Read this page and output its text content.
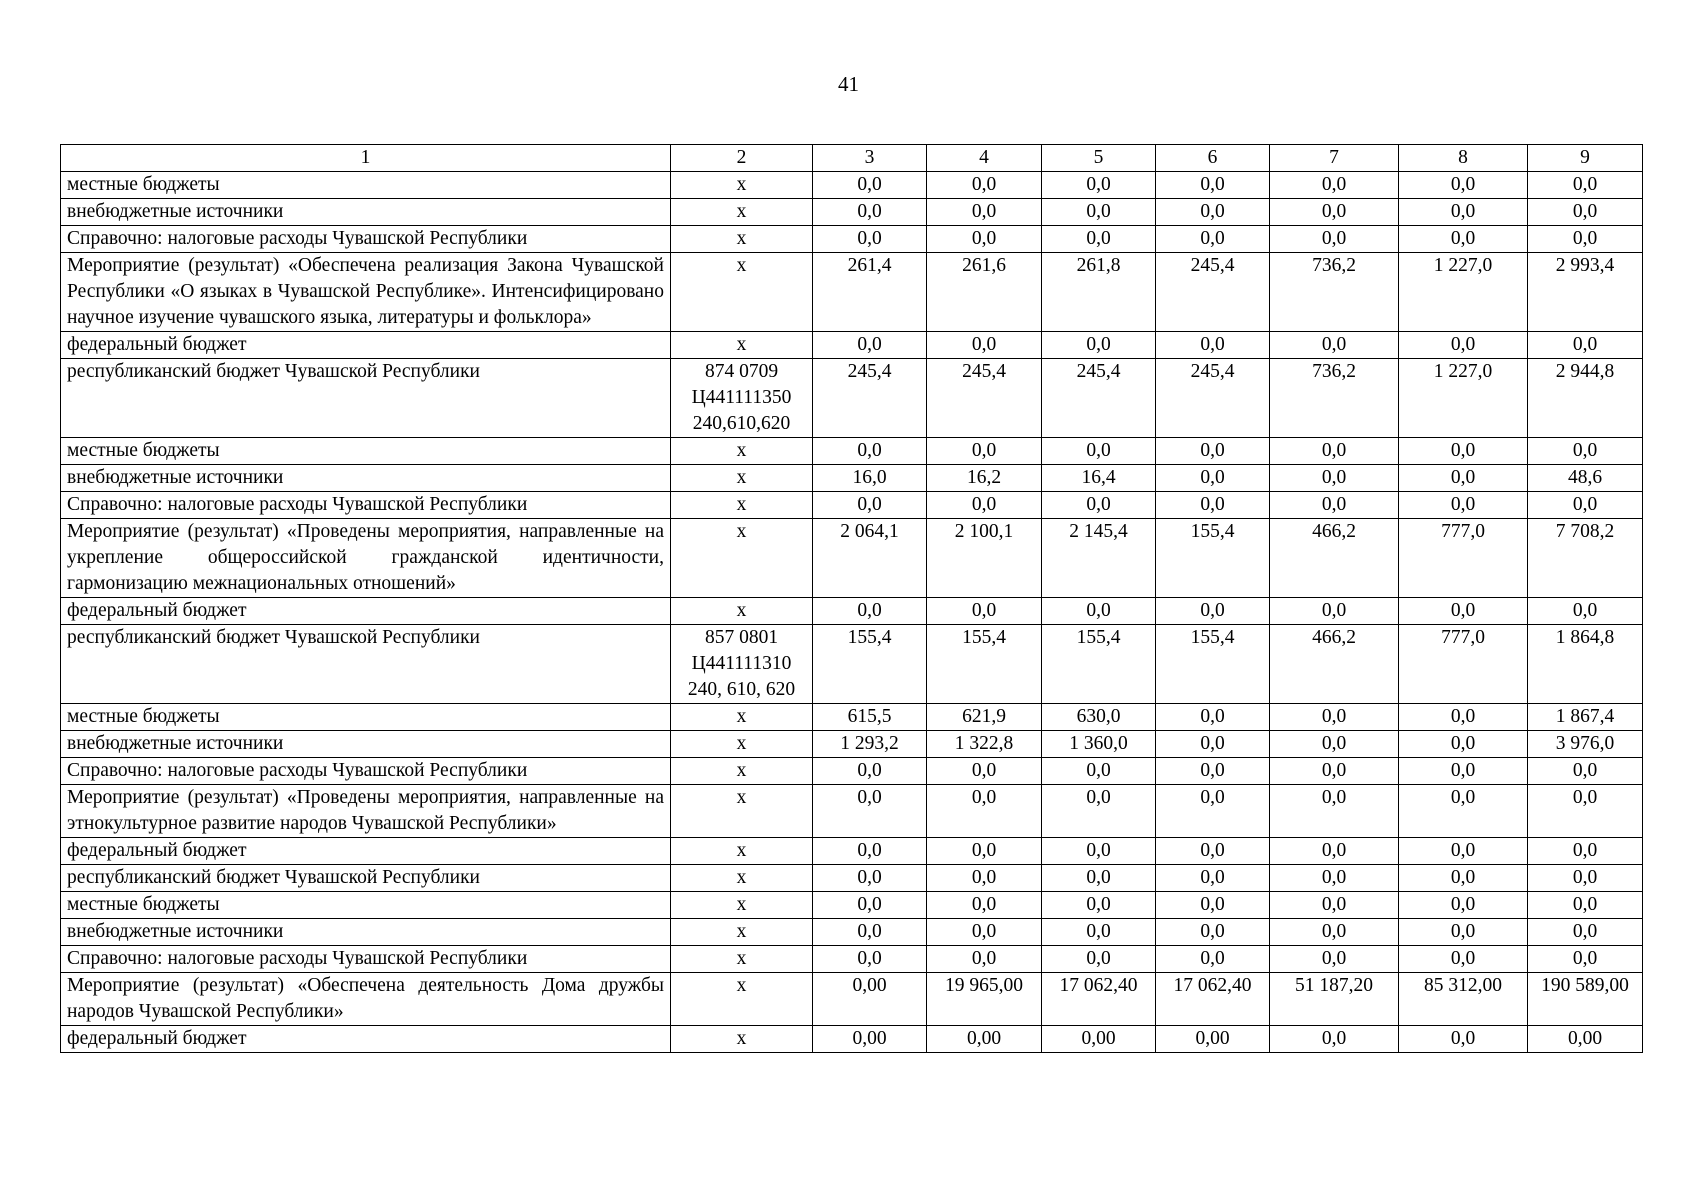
41
1	2	3	4	5	6	7	8	9
местные бюджеты	x	0,0	0,0	0,0	0,0	0,0	0,0	0,0
внебюджетные источники	x	0,0	0,0	0,0	0,0	0,0	0,0	0,0
Справочно: налоговые расходы Чувашской Республики	x	0,0	0,0	0,0	0,0	0,0	0,0	0,0
Мероприятие (результат) «Обеспечена реализация Закона Чувашской Республики «О языках в Чувашской Республике». Интенсифицировано научное изучение чувашского языка, литературы и фольклора»	x	261,4	261,6	261,8	245,4	736,2	1 227,0	2 993,4
федеральный бюджет	x	0,0	0,0	0,0	0,0	0,0	0,0	0,0
республиканский бюджет Чувашской Республики	874 0709 Ц441111350 240,610,620	245,4	245,4	245,4	245,4	736,2	1 227,0	2 944,8
местные бюджеты	x	0,0	0,0	0,0	0,0	0,0	0,0	0,0
внебюджетные источники	x	16,0	16,2	16,4	0,0	0,0	0,0	48,6
Справочно: налоговые расходы Чувашской Республики	x	0,0	0,0	0,0	0,0	0,0	0,0	0,0
Мероприятие (результат) «Проведены мероприятия, направленные на укрепление общероссийской гражданской идентичности, гармонизацию межнациональных отношений»	x	2 064,1	2 100,1	2 145,4	155,4	466,2	777,0	7 708,2
федеральный бюджет	x	0,0	0,0	0,0	0,0	0,0	0,0	0,0
республиканский бюджет Чувашской Республики	857 0801 Ц441111310 240, 610, 620	155,4	155,4	155,4	155,4	466,2	777,0	1 864,8
местные бюджеты	x	615,5	621,9	630,0	0,0	0,0	0,0	1 867,4
внебюджетные источники	x	1 293,2	1 322,8	1 360,0	0,0	0,0	0,0	3 976,0
Справочно: налоговые расходы Чувашской Республики	x	0,0	0,0	0,0	0,0	0,0	0,0	0,0
Мероприятие (результат) «Проведены мероприятия, направленные на этнокультурное развитие народов Чувашской Республики»	x	0,0	0,0	0,0	0,0	0,0	0,0	0,0
федеральный бюджет	x	0,0	0,0	0,0	0,0	0,0	0,0	0,0
республиканский бюджет Чувашской Республики	x	0,0	0,0	0,0	0,0	0,0	0,0	0,0
местные бюджеты	x	0,0	0,0	0,0	0,0	0,0	0,0	0,0
внебюджетные источники	x	0,0	0,0	0,0	0,0	0,0	0,0	0,0
Справочно: налоговые расходы Чувашской Республики	x	0,0	0,0	0,0	0,0	0,0	0,0	0,0
Мероприятие (результат) «Обеспечена деятельность Дома дружбы народов Чувашской Республики»	x	0,00	19 965,00	17 062,40	17 062,40	51 187,20	85 312,00	190 589,00
федеральный бюджет	x	0,00	0,00	0,00	0,00	0,0	0,0	0,00
